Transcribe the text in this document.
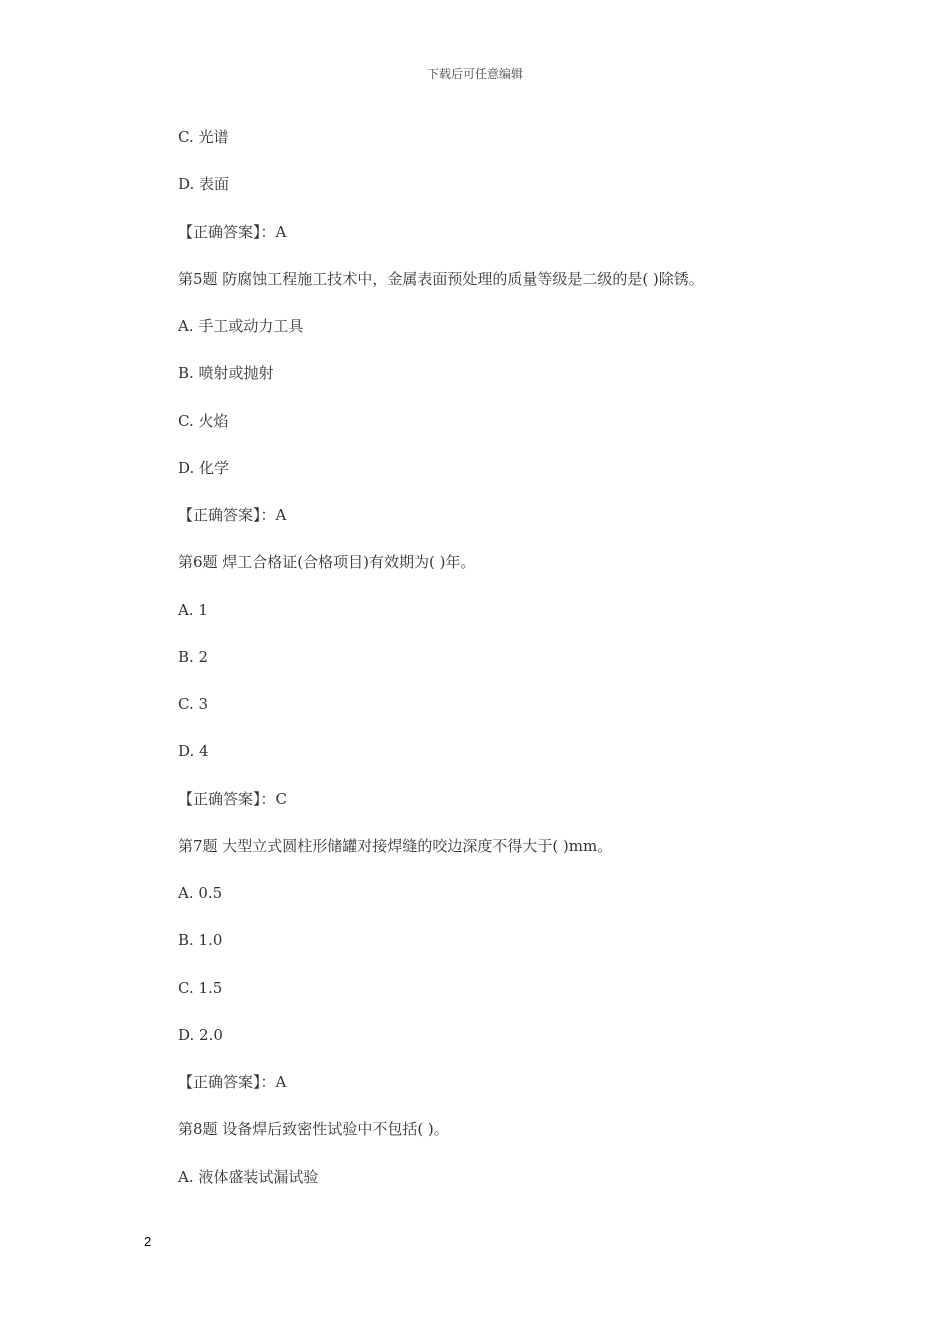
下载后可任意编辑
C. 光谱
D. 表面
【正确答案】：A
第5题 防腐蚀工程施工技术中，金属表面预处理的质量等级是二级的是( )除锈。
A. 手工或动力工具
B. 喷射或抛射
C. 火焰
D. 化学
【正确答案】：A
第6题 焊工合格证(合格项目)有效期为( )年。
A. 1
B. 2
C. 3
D. 4
【正确答案】：C
第7题 大型立式圆柱形储罐对接焊缝的咬边深度不得大于( )mm。
A. 0.5
B. 1.0
C. 1.5
D. 2.0
【正确答案】：A
第8题 设备焊后致密性试验中不包括( )。
A. 液体盛装试漏试验
2
